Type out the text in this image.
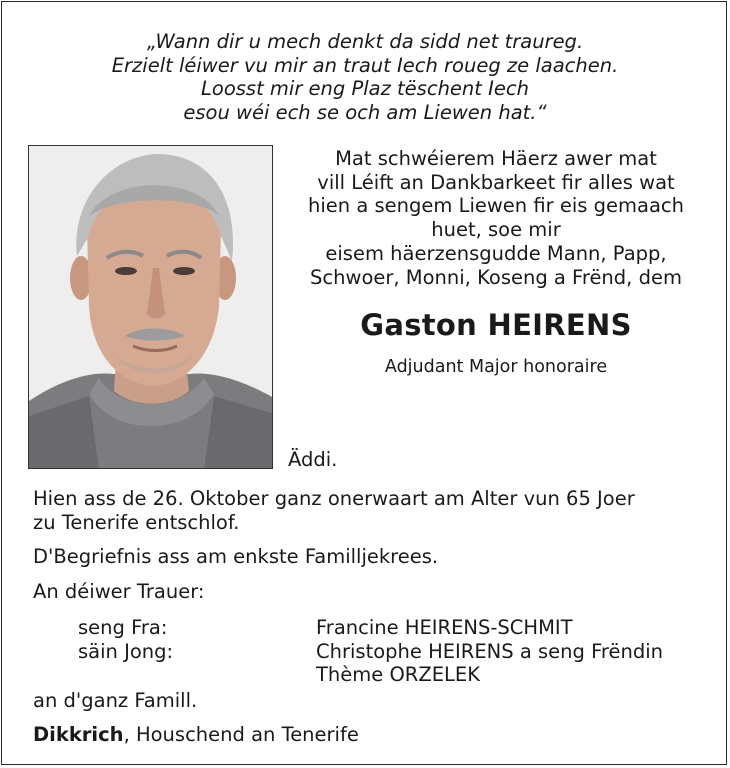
„Wann dir u mech denkt da sidd net traureg.
Erzielt léiwer vu mir an traut Iech roueg ze laachen.
Loosst mir eng Plaz tëschent Iech
esou wéi ech se och am Liewen hat.“
Mat schwéierem Häerz awer mat
vill Léift an Dankbarkeet fir alles wat
hien a sengem Liewen fir eis gemaach
huet, soe mir
eisem häerzensgudde Mann, Papp,
Schwoer, Monni, Koseng a Frënd, dem
Gaston HEIRENS
Adjudant Major honoraire
Äddi.
Hien ass de 26. Oktober ganz onerwaart am Alter vun 65 Joer
zu Tenerife entschlof.
D'Begriefnis ass am enkste Familljekrees.
An déiwer Trauer:
seng Fra:	Francine HEIRENS-SCHMIT
säin Jong:	Christophe HEIRENS a seng Frëndin
Thème ORZELEK
an d'ganz Famill.
Dikkrich, Houschend an Tenerife
